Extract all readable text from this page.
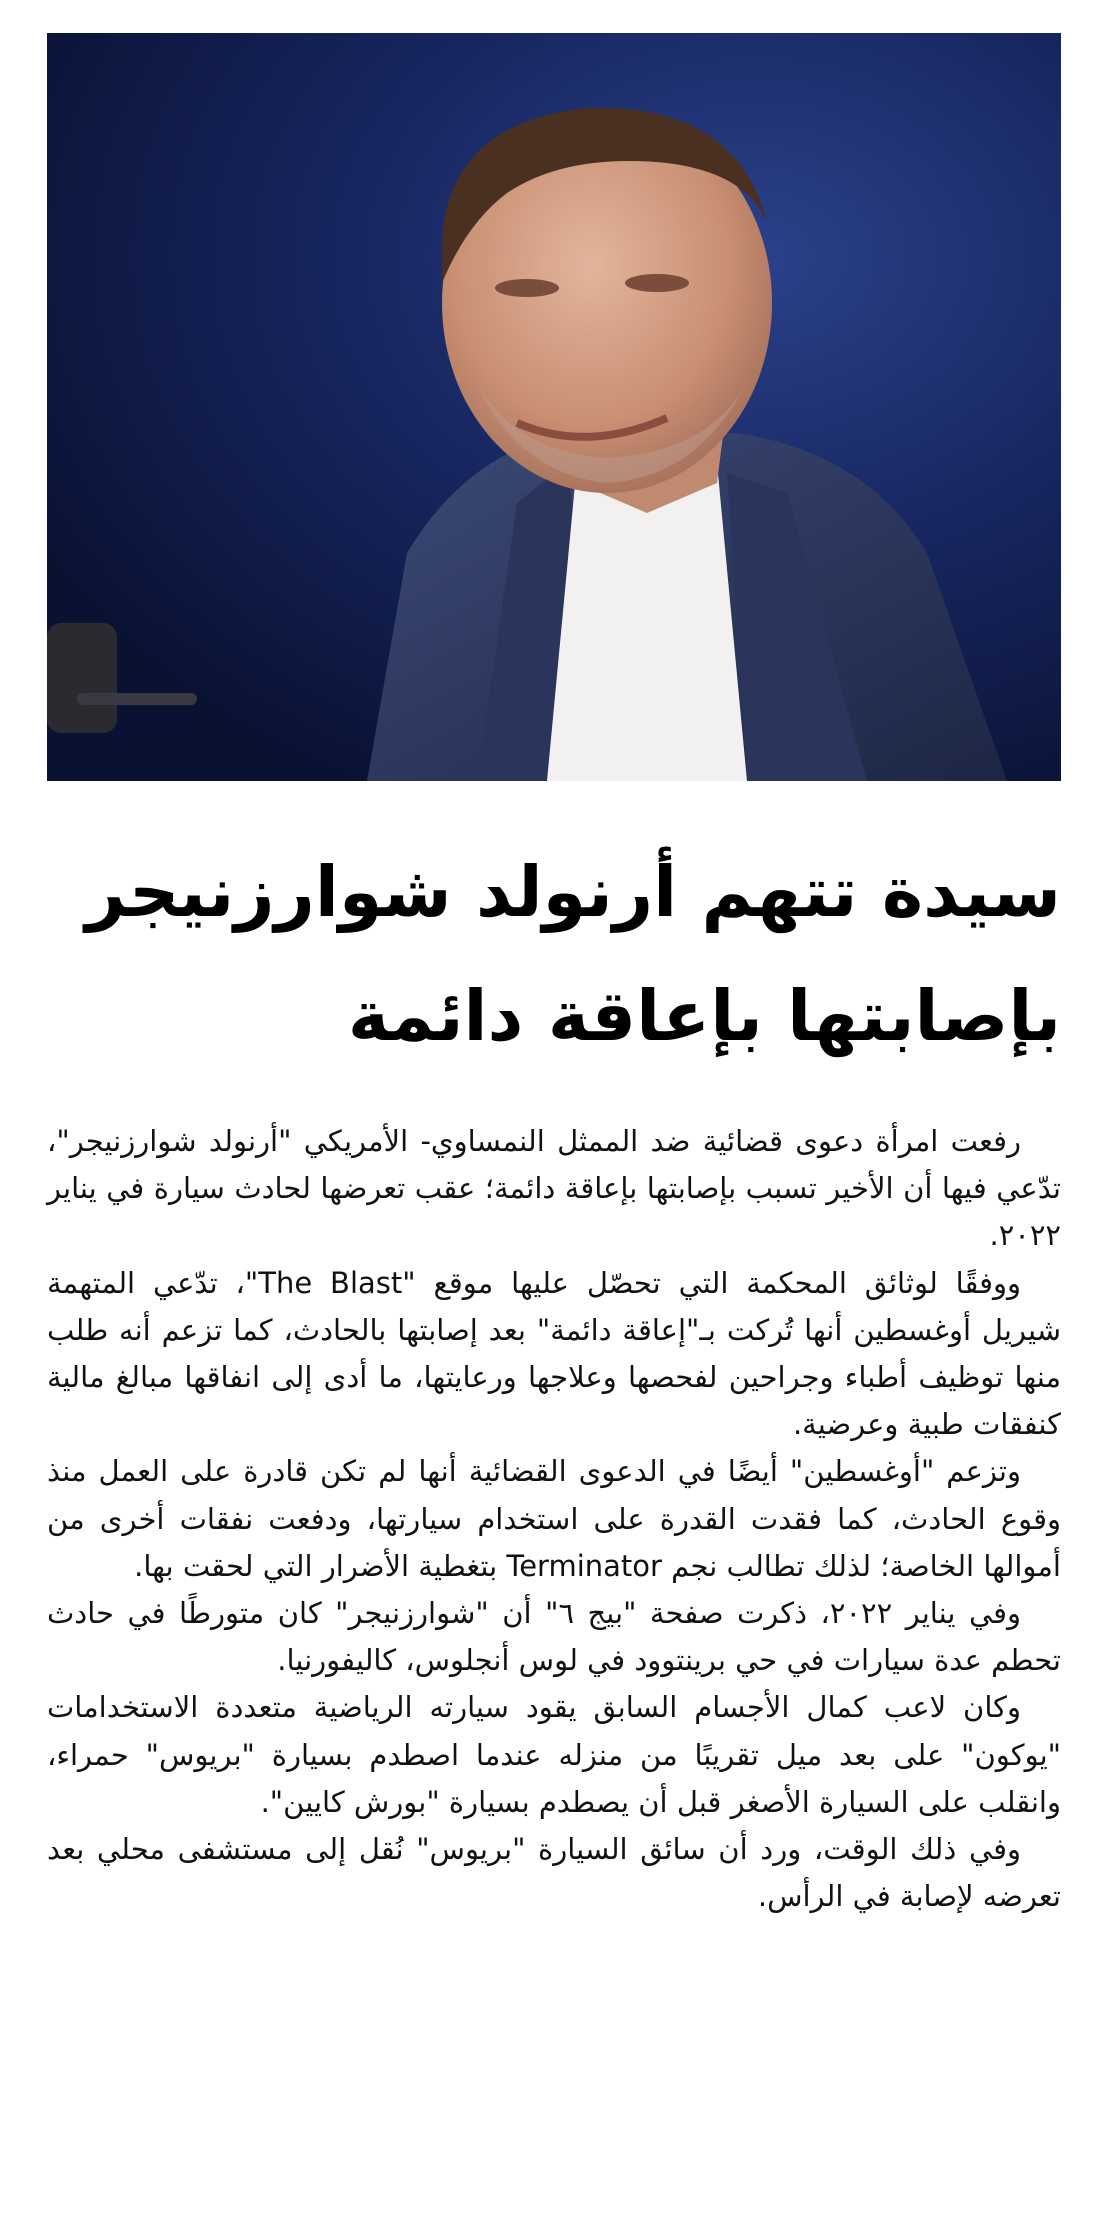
سيدة تتهم أرنولد شوارزنيجر
بإصابتها بإعاقة دائمة

رفعت امرأة دعوى قضائية ضد الممثل النمساوي- الأمريكي "أرنولد شوارزنيجر"، تدّعي فيها أن الأخير تسبب بإصابتها بإعاقة دائمة؛ عقب تعرضها لحادث سيارة في يناير ٢٠٢٢.

ووفقًا لوثائق المحكمة التي تحصّل عليها موقع "The Blast"، تدّعي المتهمة شيريل أوغسطين أنها تُركت بـ"إعاقة دائمة" بعد إصابتها بالحادث، كما تزعم أنه طلب منها توظيف أطباء وجراحين لفحصها وعلاجها ورعايتها، ما أدى إلى انفاقها مبالغ مالية كنفقات طبية وعرضية.

وتزعم "أوغسطين" أيضًا في الدعوى القضائية أنها لم تكن قادرة على العمل منذ وقوع الحادث، كما فقدت القدرة على استخدام سيارتها، ودفعت نفقات أخرى من أموالها الخاصة؛ لذلك تطالب نجم Terminator بتغطية الأضرار التي لحقت بها.

وفي يناير ٢٠٢٢، ذكرت صفحة "بيج ٦" أن "شوارزنيجر" كان متورطًا في حادث تحطم عدة سيارات في حي برينتوود في لوس أنجلوس، كاليفورنيا.

وكان لاعب كمال الأجسام السابق يقود سيارته الرياضية متعددة الاستخدامات "يوكون" على بعد ميل تقريبًا من منزله عندما اصطدم بسيارة "بريوس" حمراء، وانقلب على السيارة الأصغر قبل أن يصطدم بسيارة "بورش كايين".

وفي ذلك الوقت، ورد أن سائق السيارة "بريوس" نُقل إلى مستشفى محلي بعد تعرضه لإصابة في الرأس.
